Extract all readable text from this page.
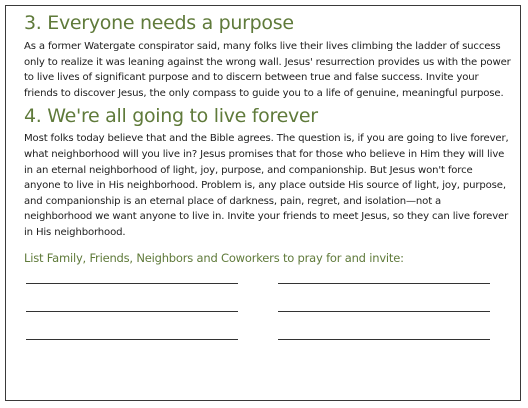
3. Everyone needs a purpose

As a former Watergate conspirator said, many folks live their lives climbing the ladder of success only to realize it was leaning against the wrong wall. Jesus' resurrection provides us with the power to live lives of significant purpose and to discern between true and false success. Invite your friends to discover Jesus, the only compass to guide you to a life of genuine, meaningful purpose.

4. We're all going to live forever

Most folks today believe that and the Bible agrees. The question is, if you are going to live forever, what neighborhood will you live in? Jesus promises that for those who believe in Him they will live in an eternal neighborhood of light, joy, purpose, and companionship. But Jesus won't force anyone to live in His neighborhood. Problem is, any place outside His source of light, joy, purpose, and companionship is an eternal place of darkness, pain, regret, and isolation—not a neighborhood we want anyone to live in. Invite your friends to meet Jesus, so they can live forever in His neighborhood.

List Family, Friends, Neighbors and Coworkers to pray for and invite:
